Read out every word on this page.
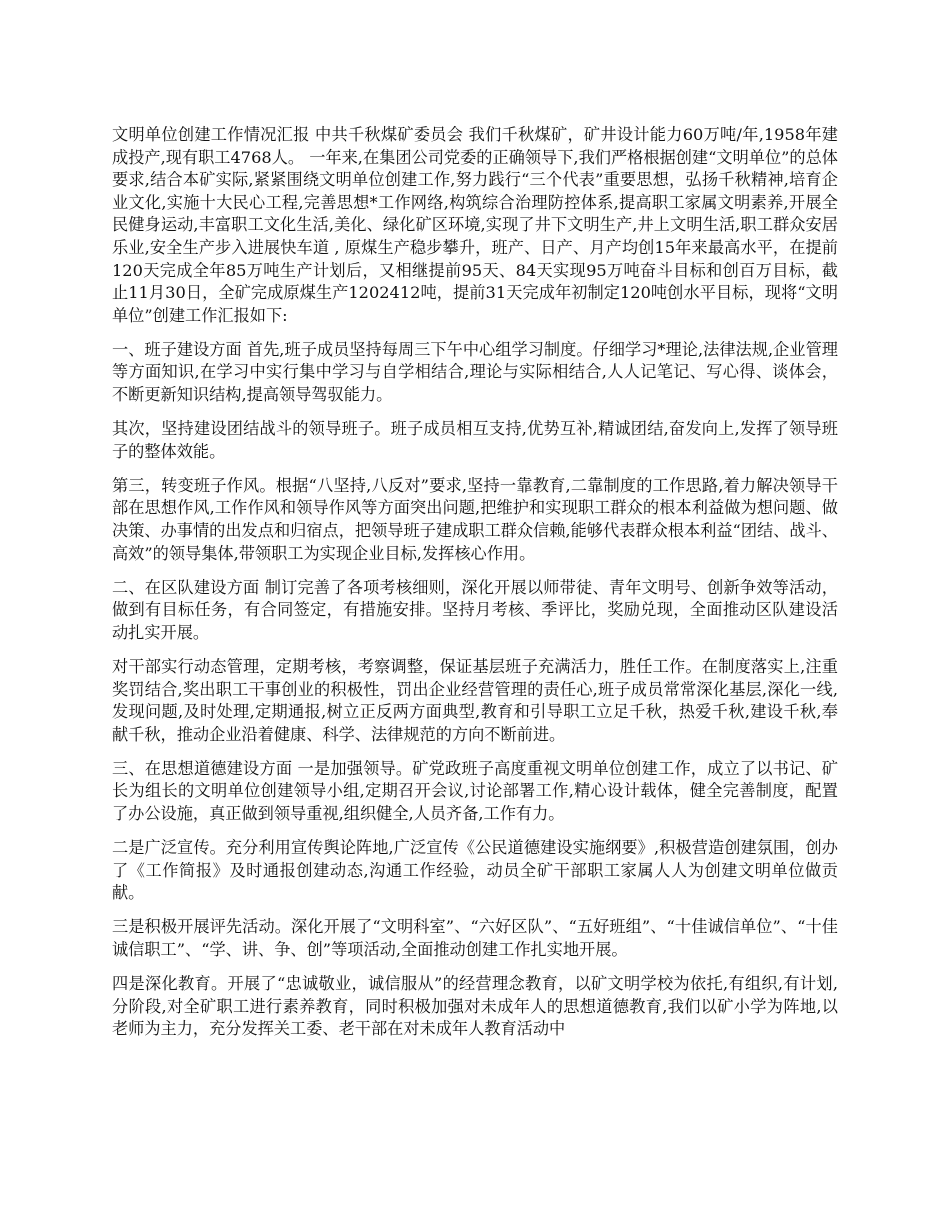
文明单位创建工作情况汇报 中共千秋煤矿委员会 我们千秋煤矿，矿井设计能力60万吨/年,1958年建成投产,现有职工4768人。 一年来,在集团公司党委的正确领导下,我们严格根据创建“文明单位”的总体要求,结合本矿实际,紧紧围绕文明单位创建工作,努力践行“三个代表”重要思想，弘扬千秋精神,培育企业文化,实施十大民心工程,完善思想*工作网络,构筑综合治理防控体系,提高职工家属文明素养,开展全民健身运动,丰富职工文化生活,美化、绿化矿区环境,实现了井下文明生产,井上文明生活,职工群众安居乐业,安全生产步入进展快车道 , 原煤生产稳步攀升，班产、日产、月产均创15年来最高水平，在提前120天完成全年85万吨生产计划后，又相继提前95天、84天实现95万吨奋斗目标和创百万目标，截止11月30日，全矿完成原煤生产1202412吨，提前31天完成年初制定120吨创水平目标，现将“文明单位”创建工作汇报如下:

一、班子建设方面 首先,班子成员坚持每周三下午中心组学习制度。仔细学习*理论,法律法规,企业管理等方面知识,在学习中实行集中学习与自学相结合,理论与实际相结合,人人记笔记、写心得、谈体会，不断更新知识结构,提高领导驾驭能力。

其次，坚持建设团结战斗的领导班子。班子成员相互支持,优势互补,精诚团结,奋发向上,发挥了领导班子的整体效能。

第三，转变班子作风。根据“八坚持,八反对”要求,坚持一靠教育,二靠制度的工作思路,着力解决领导干部在思想作风,工作作风和领导作风等方面突出问题,把维护和实现职工群众的根本利益做为想问题、做决策、办事情的出发点和归宿点，把领导班子建成职工群众信赖,能够代表群众根本利益“团结、战斗、高效”的领导集体,带领职工为实现企业目标,发挥核心作用。

二、在区队建设方面 制订完善了各项考核细则，深化开展以师带徒、青年文明号、创新争效等活动，做到有目标任务，有合同签定，有措施安排。坚持月考核、季评比，奖励兑现，全面推动区队建设活动扎实开展。

对干部实行动态管理，定期考核，考察调整，保证基层班子充满活力，胜任工作。在制度落实上,注重奖罚结合,奖出职工干事创业的积极性，罚出企业经营管理的责任心,班子成员常常深化基层,深化一线,发现问题,及时处理,定期通报,树立正反两方面典型,教育和引导职工立足千秋，热爱千秋,建设千秋,奉献千秋，推动企业沿着健康、科学、法律规范的方向不断前进。

三、在思想道德建设方面 一是加强领导。矿党政班子高度重视文明单位创建工作，成立了以书记、矿长为组长的文明单位创建领导小组,定期召开会议,讨论部署工作,精心设计载体，健全完善制度，配置了办公设施，真正做到领导重视,组织健全,人员齐备,工作有力。

二是广泛宣传。充分利用宣传舆论阵地,广泛宣传《公民道德建设实施纲要》,积极营造创建氛围，创办了《工作简报》及时通报创建动态,沟通工作经验，动员全矿干部职工家属人人为创建文明单位做贡献。

三是积极开展评先活动。深化开展了“文明科室”、“六好区队”、“五好班组”、“十佳诚信单位”、“十佳诚信职工”、“学、讲、争、创”等项活动,全面推动创建工作扎实地开展。

四是深化教育。开展了“忠诚敬业，诚信服从”的经营理念教育，以矿文明学校为依托,有组织,有计划,分阶段,对全矿职工进行素养教育，同时积极加强对未成年人的思想道德教育,我们以矿小学为阵地,以老师为主力，充分发挥关工委、老干部在对未成年人教育活动中
